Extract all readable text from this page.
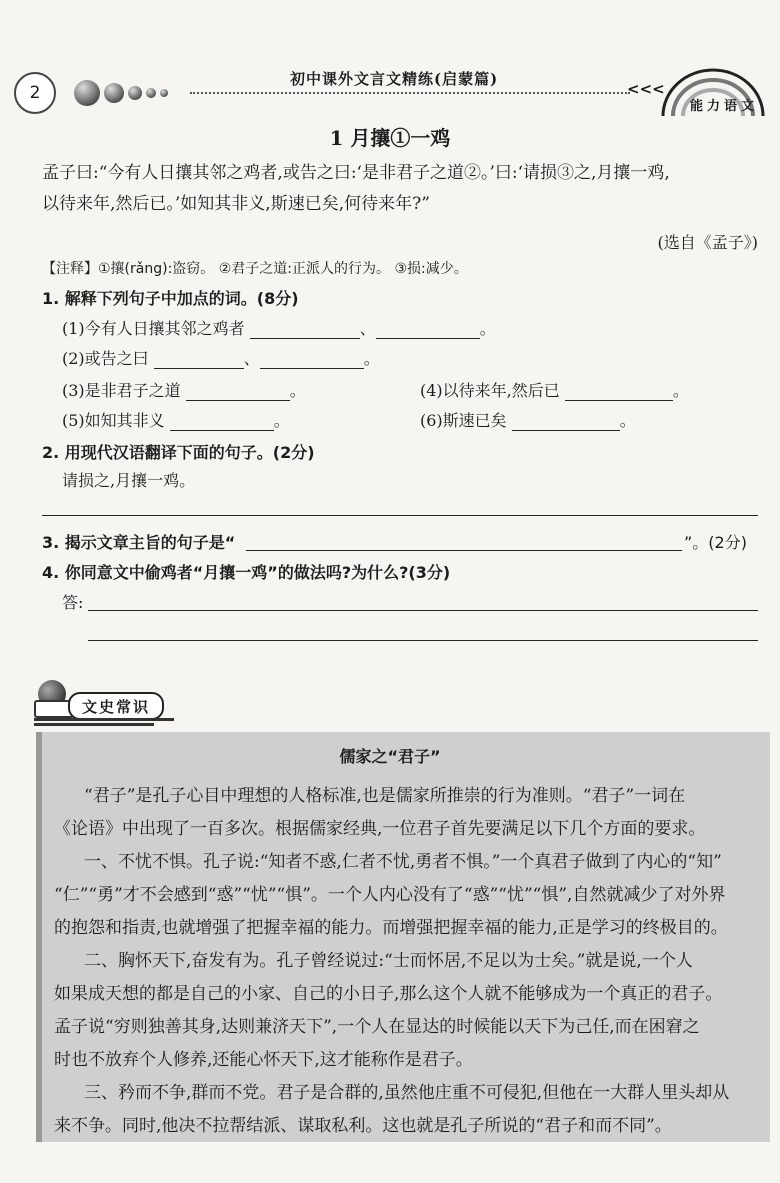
2
初中课外文言文精练(启蒙篇)
<<<
能力语文
1 月攘①一鸡
孟子曰:“今有人日攘其邻之鸡者,或告之曰:‘是非君子之道②。’曰:‘请损③之,月攘一鸡,
以待来年,然后已。’如知其非义,斯速已矣,何待来年?”
(选自《孟子》)
【注释】①攘(rǎng):盗窃。 ②君子之道:正派人的行为。 ③损:减少。
1. 解释下列句子中加点的词。(8分)
(1)今有人日攘其邻之鸡者	、	。
(2)或告之曰	、	。
(3)是非君子之道	。	(4)以待来年,然后已	。
(5)如知其非义	。	(6)斯速已矣	。
2. 用现代汉语翻译下面的句子。(2分)
请损之,月攘一鸡。
3. 揭示文章主旨的句子是“	”。(2分)
4. 你同意文中偷鸡者“月攘一鸡”的做法吗?为什么?(3分)
答:
文史常识
儒家之“君子”
“君子”是孔子心目中理想的人格标准,也是儒家所推崇的行为准则。“君子”一词在
《论语》中出现了一百多次。根据儒家经典,一位君子首先要满足以下几个方面的要求。
一、不忧不惧。孔子说:“知者不惑,仁者不忧,勇者不惧。”一个真君子做到了内心的“知”
“仁”“勇”才不会感到“惑”“忧”“惧”。一个人内心没有了“惑”“忧”“惧”,自然就减少了对外界
的抱怨和指责,也就增强了把握幸福的能力。而增强把握幸福的能力,正是学习的终极目的。
二、胸怀天下,奋发有为。孔子曾经说过:“士而怀居,不足以为士矣。”就是说,一个人
如果成天想的都是自己的小家、自己的小日子,那么这个人就不能够成为一个真正的君子。
孟子说“穷则独善其身,达则兼济天下”,一个人在显达的时候能以天下为己任,而在困窘之
时也不放弃个人修养,还能心怀天下,这才能称作是君子。
三、矜而不争,群而不党。君子是合群的,虽然他庄重不可侵犯,但他在一大群人里头却从
来不争。同时,他决不拉帮结派、谋取私利。这也就是孔子所说的“君子和而不同”。
